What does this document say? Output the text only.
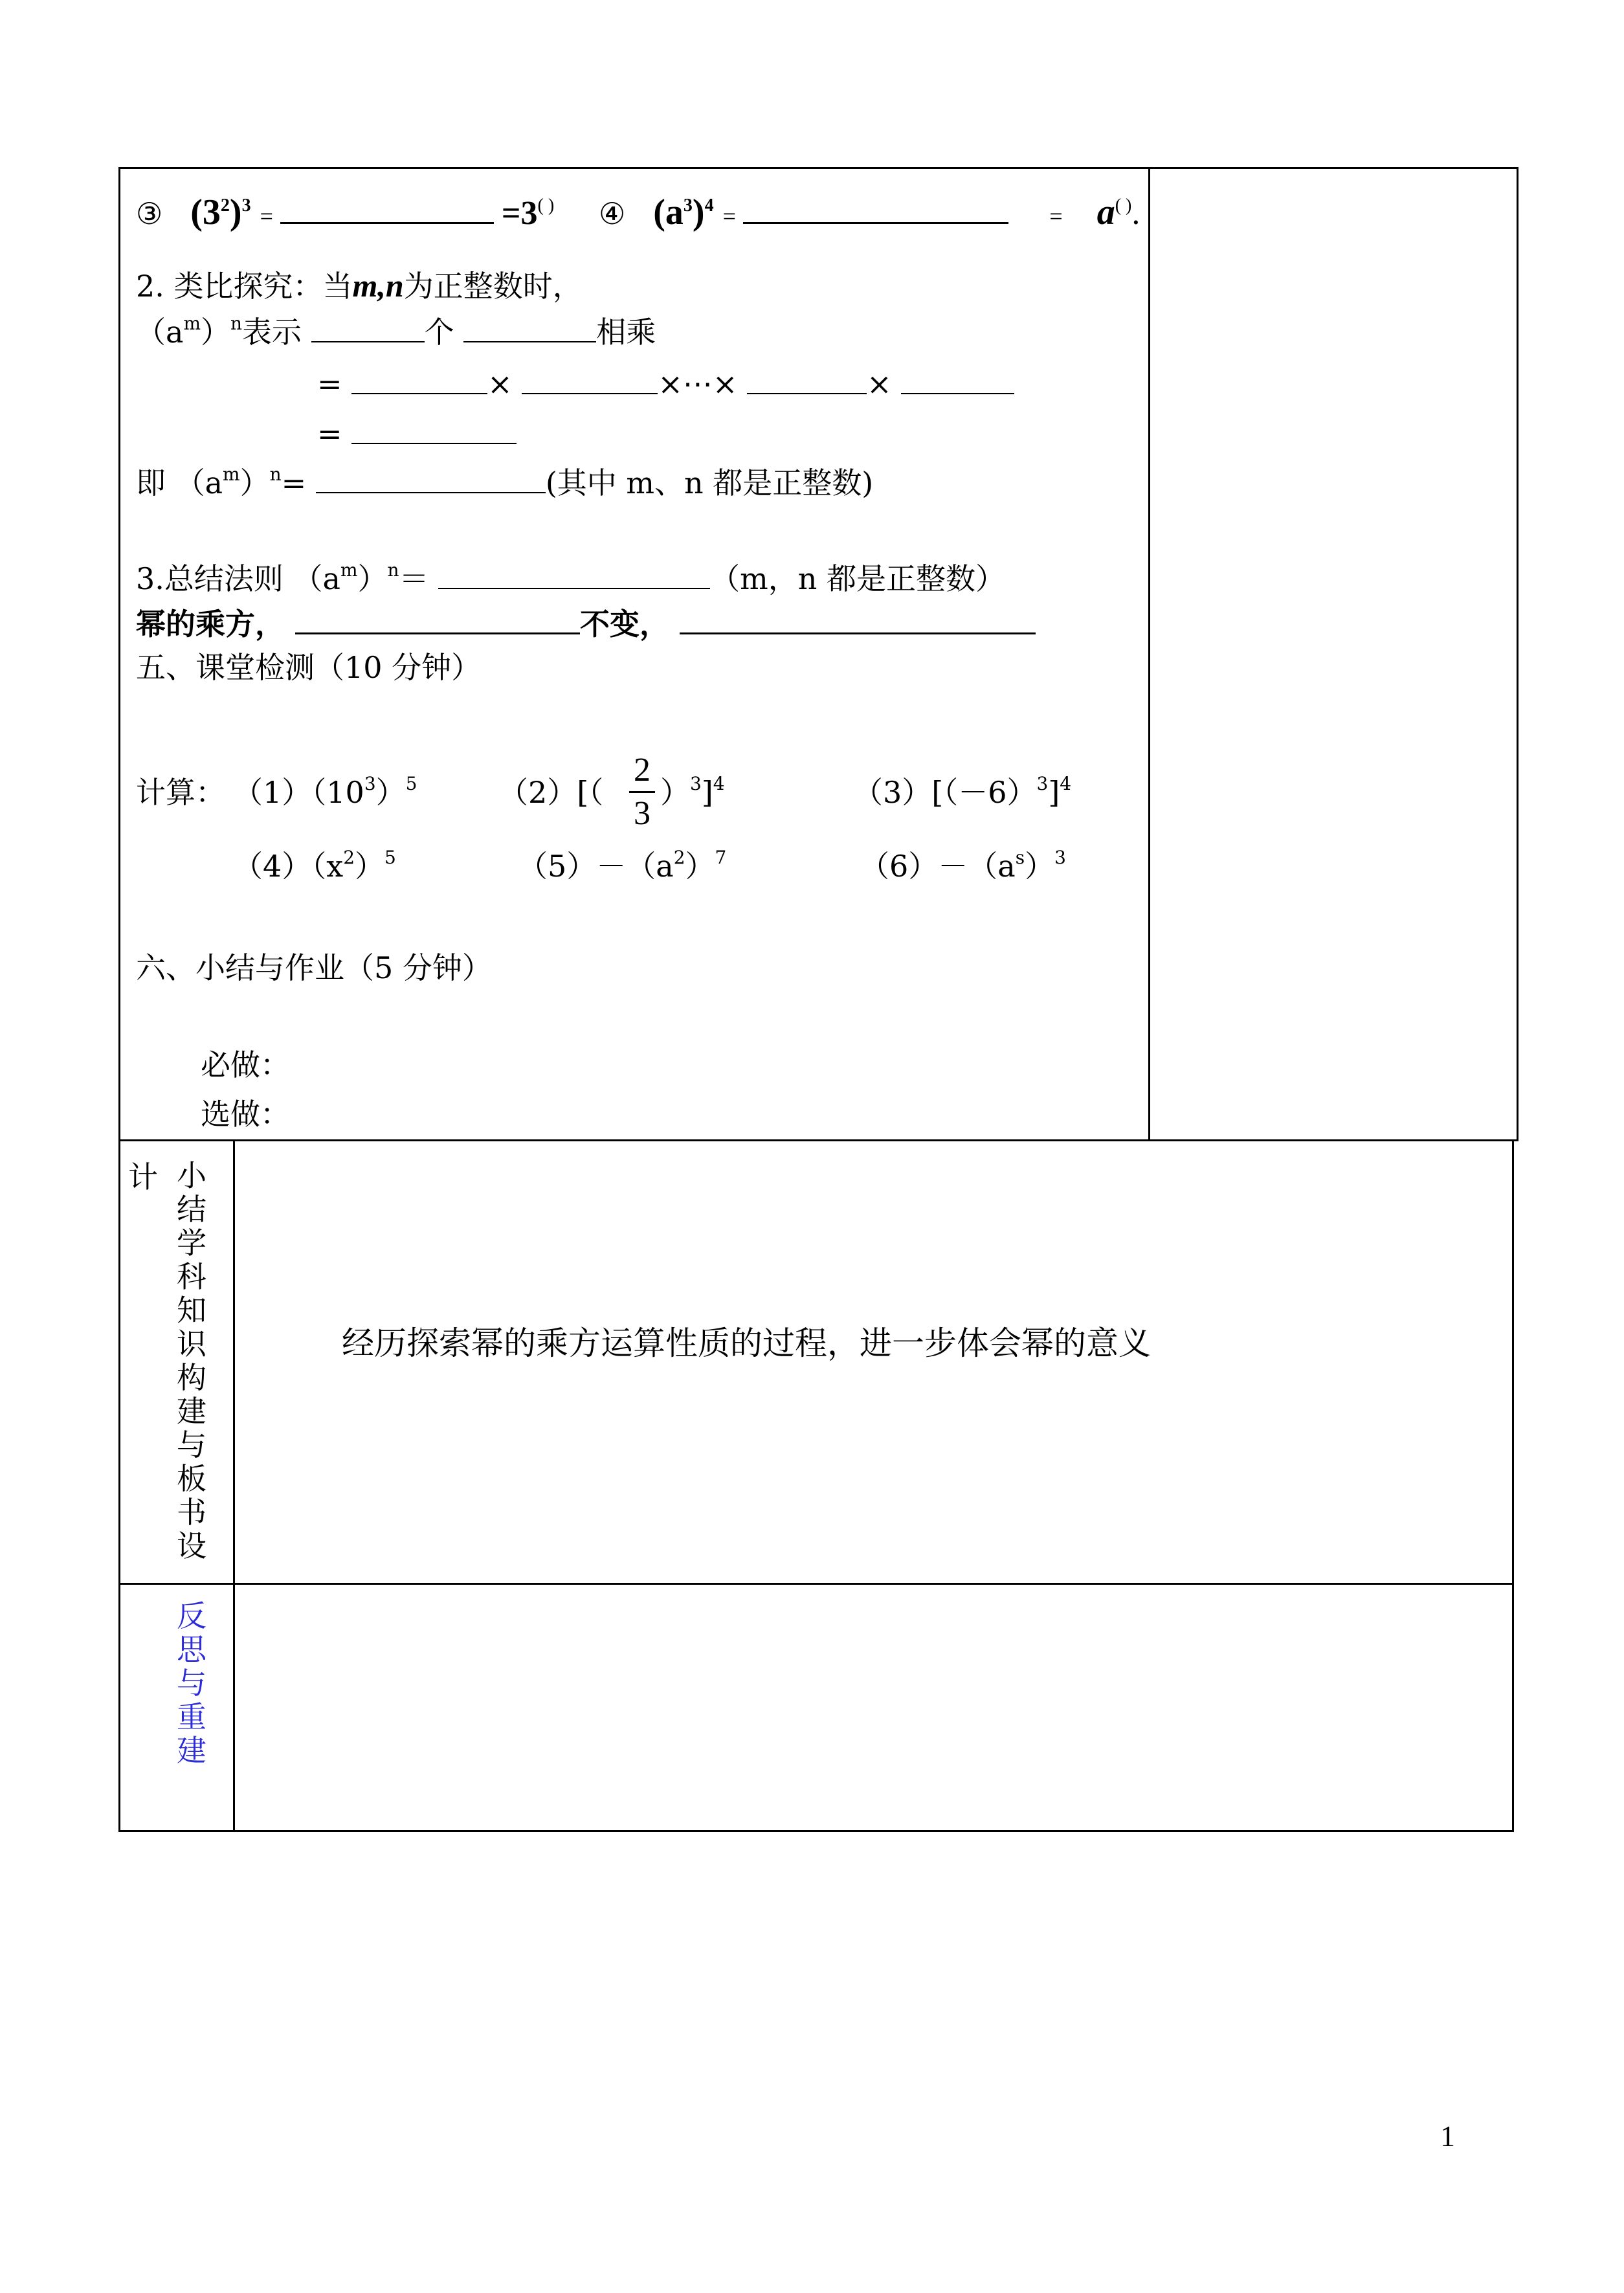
③ $(3^2)^3$ =	=3( ) ④ $(a^3)^4$ =	= a( ).
2. 类比探究：当m,n为正整数时，
$(a^m)^n$表示	个	相乘
=	×	×⋯×	×
=
即 $(a^m)^n=$	(其中 m、n 都是正整数)
3.总结法则 $(a^m)^n=$	（m，n 都是正整数）
幂的乘方，	不变，
五、课堂检测（10 分钟）
计算： $(1)(10^3)^5$	（2）[（
2
3
）$^3$]$^4$	$(3)[(-6)^3]^4$
$(4)(x^2)^5$	$(5)-(a^2)^7$	$(6)-(a^s)^3$
六、小结与作业（5 分钟）
必做：
选做：
计 小结学科知识构建与板书设
经历探索幂的乘方运算性质的过程，进一步体会幂的意义
反思与重建
1
